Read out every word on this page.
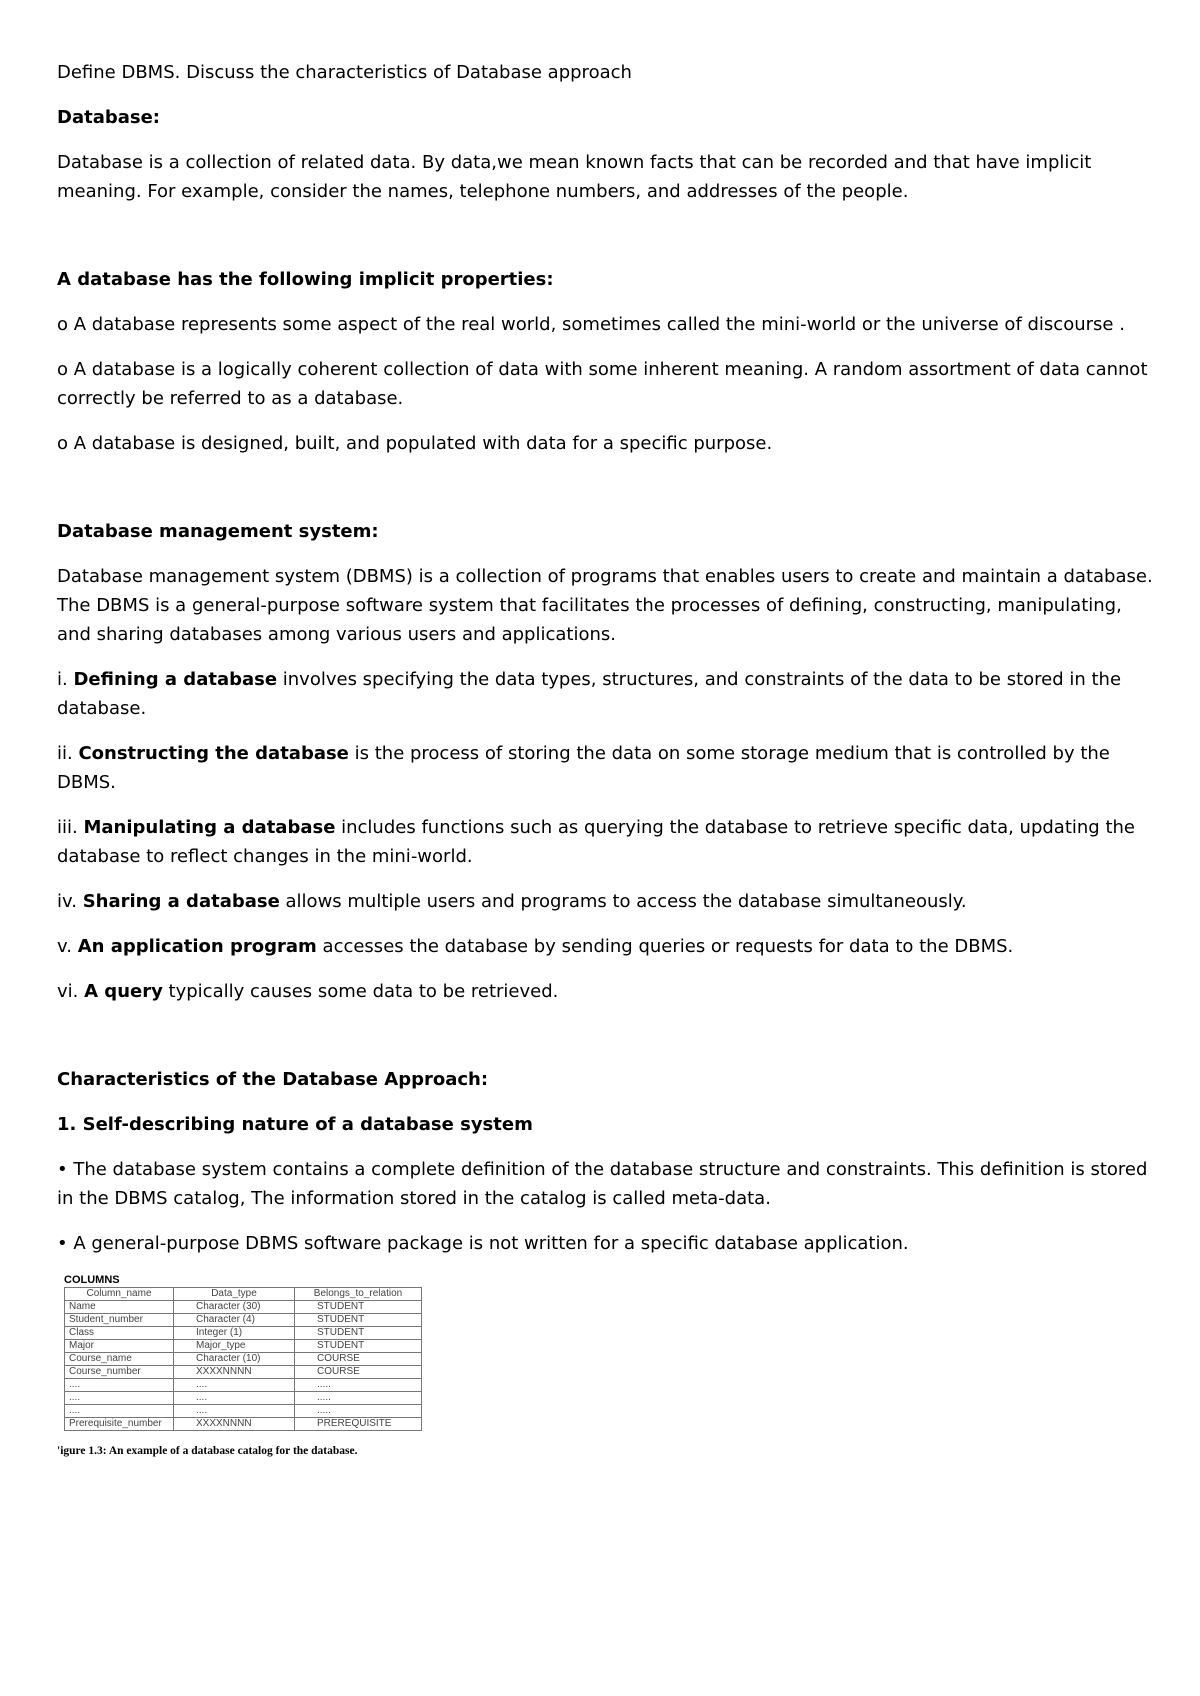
Define DBMS. Discuss the characteristics of Database approach

Database:

Database is a collection of related data. By data,we mean known facts that can be recorded and that have implicit meaning. For example, consider the names, telephone numbers, and addresses of the people.

A database has the following implicit properties:

o A database represents some aspect of the real world, sometimes called the mini-world or the universe of discourse .

o A database is a logically coherent collection of data with some inherent meaning. A random assortment of data cannot correctly be referred to as a database.

o A database is designed, built, and populated with data for a specific purpose.

Database management system:

Database management system (DBMS) is a collection of programs that enables users to create and maintain a database. The DBMS is a general-purpose software system that facilitates the processes of defining, constructing, manipulating, and sharing databases among various users and applications.

i. Defining a database involves specifying the data types, structures, and constraints of the data to be stored in the database.

ii. Constructing the database is the process of storing the data on some storage medium that is controlled by the DBMS.

iii. Manipulating a database includes functions such as querying the database to retrieve specific data, updating the database to reflect changes in the mini-world.

iv. Sharing a database allows multiple users and programs to access the database simultaneously.

v. An application program accesses the database by sending queries or requests for data to the DBMS.

vi. A query typically causes some data to be retrieved.

Characteristics of the Database Approach:

1. Self-describing nature of a database system

• The database system contains a complete definition of the database structure and constraints. This definition is stored in the DBMS catalog, The information stored in the catalog is called meta-data.

• A general-purpose DBMS software package is not written for a specific database application.

COLUMNS
Column_name	Data_type	Belongs_to_relation
Name	Character (30)	STUDENT
Student_number	Character (4)	STUDENT
Class	Integer (1)	STUDENT
Major	Major_type	STUDENT
Course_name	Character (10)	COURSE
Course_number	XXXXNNNN	COURSE
....	....	.....
....	....	.....
....	....	.....
Prerequisite_number	XXXXNNNN	PREREQUISITE
'igure 1.3: An example of a database catalog for the database.
